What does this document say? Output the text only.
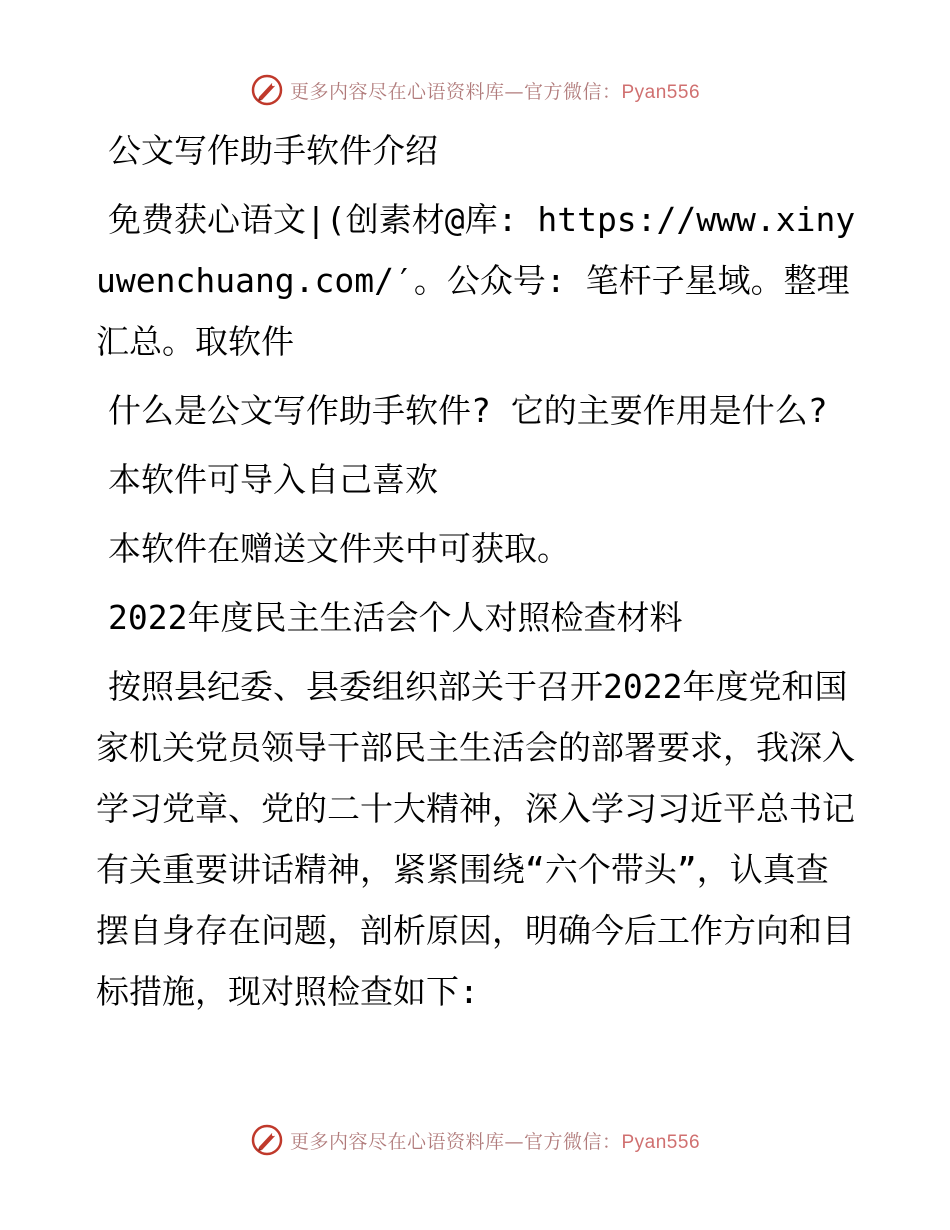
更多内容尽在心语资料库—官方微信：Pyan556

公文写作助手软件介绍

免费获心语文|(创素材@库: https://www.xinyuwenchuang.com/′。公众号: 笔杆子星域。整理汇总。取软件

什么是公文写作助手软件? 它的主要作用是什么?

本软件可导入自己喜欢

本软件在赠送文件夹中可获取。

2022年度民主生活会个人对照检查材料

按照县纪委、县委组织部关于召开2022年度党和国家机关党员领导干部民主生活会的部署要求，我深入学习党章、党的二十大精神，深入学习习近平总书记有关重要讲话精神，紧紧围绕“六个带头”，认真查摆自身存在问题，剖析原因，明确今后工作方向和目标措施，现对照检查如下:

更多内容尽在心语资料库—官方微信：Pyan556
